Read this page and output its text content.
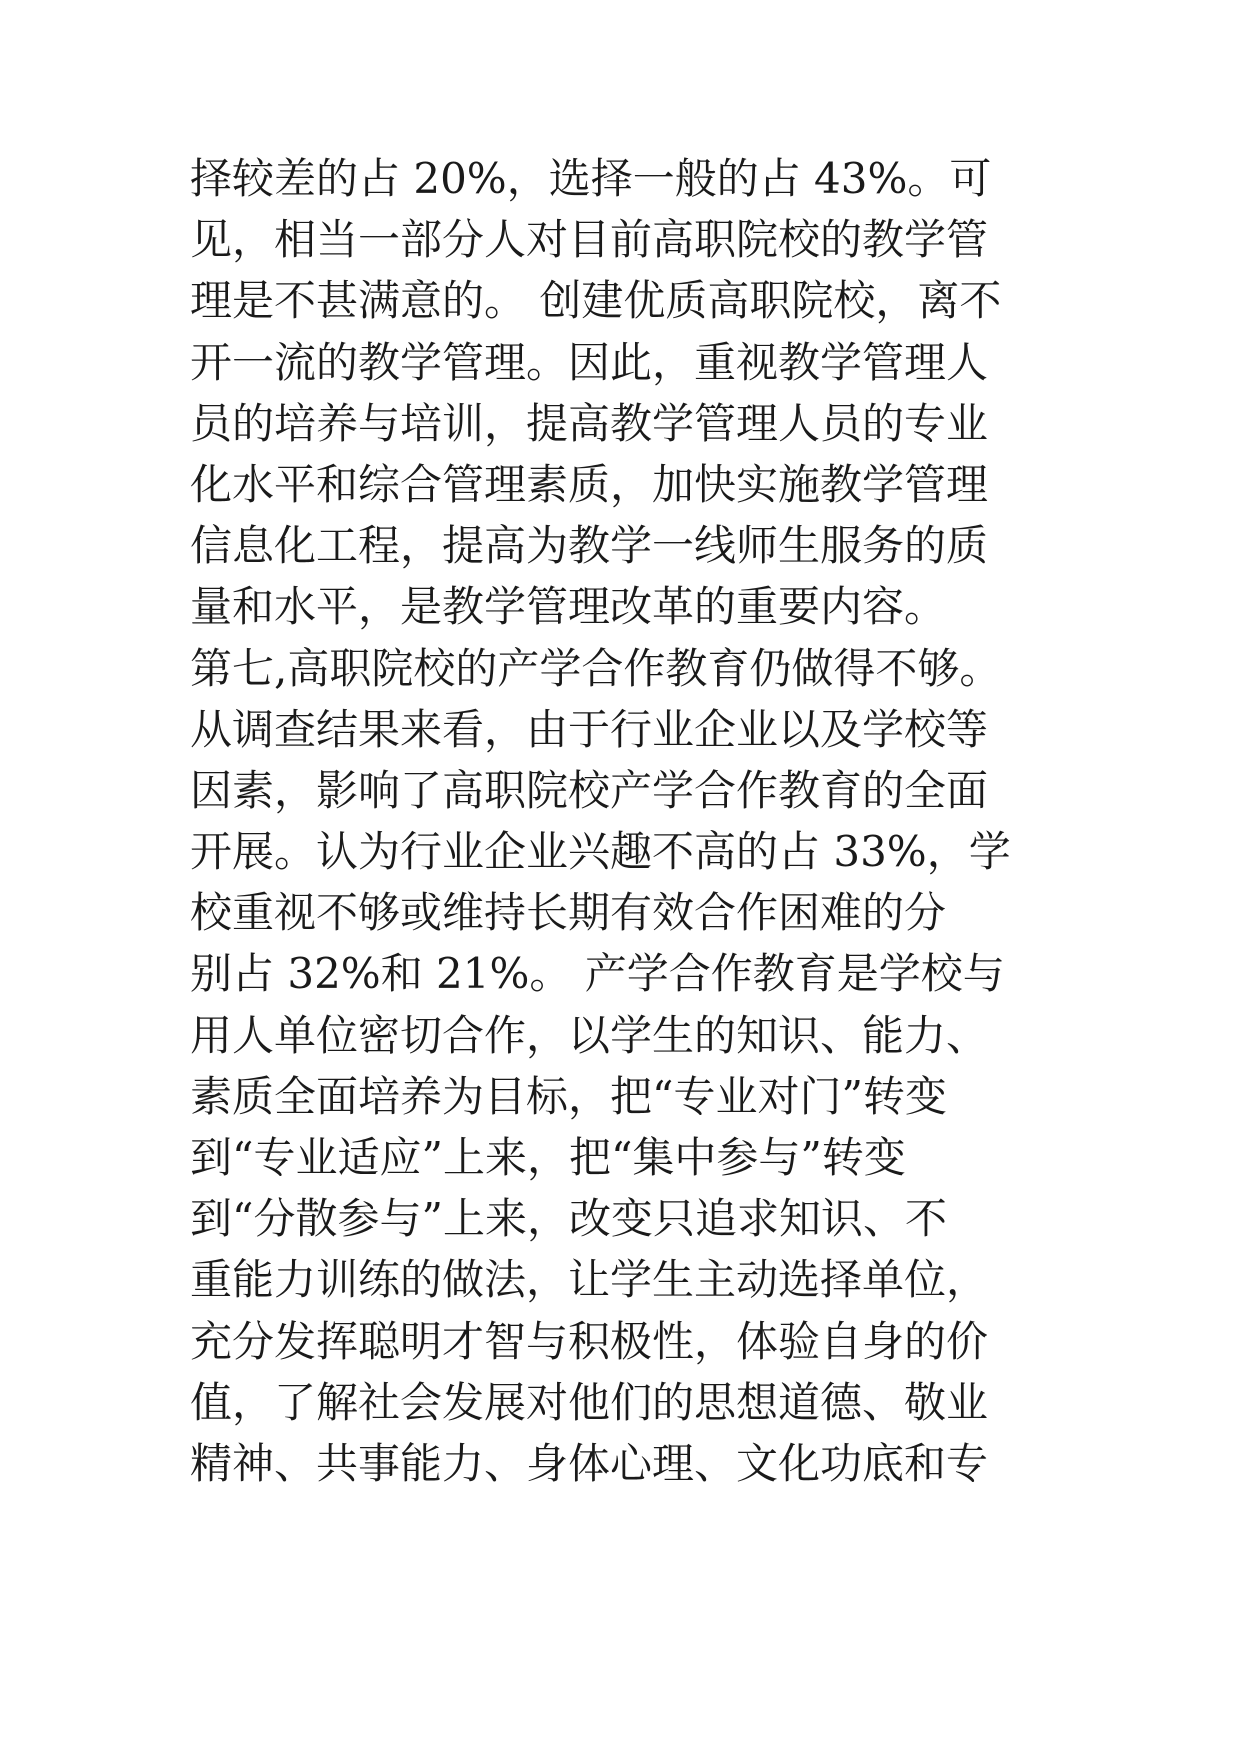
择较差的占 20%，选择一般的占 43%。可
见，相当一部分人对目前高职院校的教学管
理是不甚满意的。 创建优质高职院校，离不
开一流的教学管理。因此，重视教学管理人
员的培养与培训，提高教学管理人员的专业
化水平和综合管理素质，加快实施教学管理
信息化工程，提高为教学一线师生服务的质
量和水平，是教学管理改革的重要内容。
第七,高职院校的产学合作教育仍做得不够。
从调查结果来看，由于行业企业以及学校等
因素，影响了高职院校产学合作教育的全面
开展。认为行业企业兴趣不高的占 33%，学
校重视不够或维持长期有效合作困难的分
别占 32%和 21%。 产学合作教育是学校与
用人单位密切合作，以学生的知识、能力、
素质全面培养为目标，把“专业对门”转变
到“专业适应”上来，把“集中参与”转变
到“分散参与”上来，改变只追求知识、不
重能力训练的做法，让学生主动选择单位，
充分发挥聪明才智与积极性，体验自身的价
值，了解社会发展对他们的思想道德、敬业
精神、共事能力、身体心理、文化功底和专
